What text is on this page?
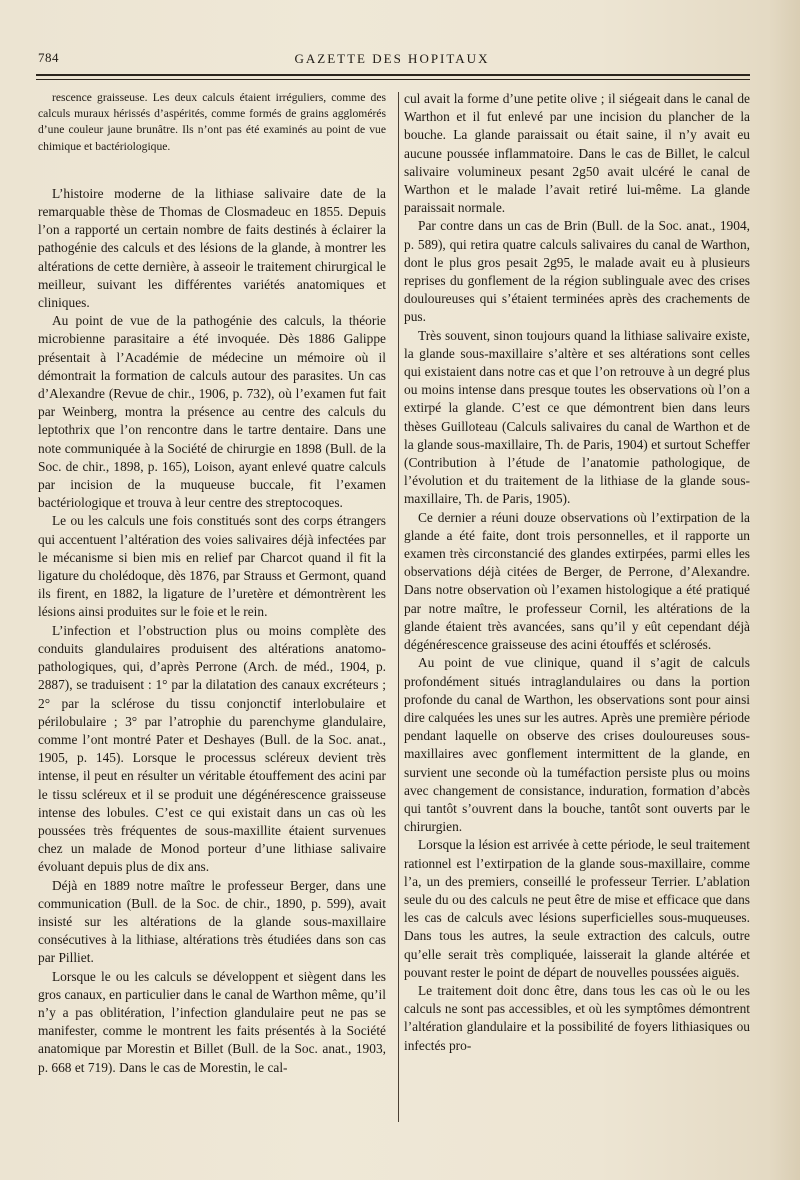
784	GAZETTE DES HOPITAUX

rescence graisseuse. Les deux calculs étaient irréguliers, comme des calculs muraux hérissés d’aspérités, comme formés de grains agglomérés d’une couleur jaune brunâtre. Ils n’ont pas été examinés au point de vue chimique et bactériologique.

L’histoire moderne de la lithiase salivaire date de la remarquable thèse de Thomas de Closmadeuc en 1855. Depuis l’on a rapporté un certain nombre de faits destinés à éclairer la pathogénie des calculs et des lésions de la glande, à montrer les altérations de cette dernière, à asseoir le traitement chirurgical le meilleur, suivant les différentes variétés anatomiques et cliniques.

Au point de vue de la pathogénie des calculs, la théorie microbienne parasitaire a été invoquée. Dès 1886 Galippe présentait à l’Académie de médecine un mémoire où il démontrait la formation de calculs autour des parasites. Un cas d’Alexandre (Revue de chir., 1906, p. 732), où l’examen fut fait par Weinberg, montra la présence au centre des calculs du leptothrix que l’on rencontre dans le tartre dentaire. Dans une note communiquée à la Société de chirurgie en 1898 (Bull. de la Soc. de chir., 1898, p. 165), Loison, ayant enlevé quatre calculs par incision de la muqueuse buccale, fit l’examen bactériologique et trouva à leur centre des streptocoques.

Le ou les calculs une fois constitués sont des corps étrangers qui accentuent l’altération des voies salivaires déjà infectées par le mécanisme si bien mis en relief par Charcot quand il fit la ligature du cholédoque, dès 1876, par Strauss et Germont, quand ils firent, en 1882, la ligature de l’uretère et démontrèrent les lésions ainsi produites sur le foie et le rein.

L’infection et l’obstruction plus ou moins complète des conduits glandulaires produisent des altérations anatomo-pathologiques, qui, d’après Perrone (Arch. de méd., 1904, p. 2887), se traduisent : 1° par la dilatation des canaux excréteurs ; 2° par la sclérose du tissu conjonctif interlobulaire et périlobulaire ; 3° par l’atrophie du parenchyme glandulaire, comme l’ont montré Pater et Deshayes (Bull. de la Soc. anat., 1905, p. 145). Lorsque le processus scléreux devient très intense, il peut en résulter un véritable étouffement des acini par le tissu scléreux et il se produit une dégénérescence graisseuse intense des lobules. C’est ce qui existait dans un cas où les poussées très fréquentes de sous-maxillite étaient survenues chez un malade de Monod porteur d’une lithiase salivaire évoluant depuis plus de dix ans.

Déjà en 1889 notre maître le professeur Berger, dans une communication (Bull. de la Soc. de chir., 1890, p. 599), avait insisté sur les altérations de la glande sous-maxillaire consécutives à la lithiase, altérations très étudiées dans son cas par Pilliet.

Lorsque le ou les calculs se développent et siègent dans les gros canaux, en particulier dans le canal de Warthon même, qu’il n’y a pas oblitération, l’infection glandulaire peut ne pas se manifester, comme le montrent les faits présentés à la Société anatomique par Morestin et Billet (Bull. de la Soc. anat., 1903, p. 668 et 719). Dans le cas de Morestin, le cal-

cul avait la forme d’une petite olive ; il siégeait dans le canal de Warthon et il fut enlevé par une incision du plancher de la bouche. La glande paraissait ou était saine, il n’y avait eu aucune poussée inflammatoire. Dans le cas de Billet, le calcul salivaire volumineux pesant 2g50 avait ulcéré le canal de Warthon et le malade l’avait retiré lui-même. La glande paraissait normale.

Par contre dans un cas de Brin (Bull. de la Soc. anat., 1904, p. 589), qui retira quatre calculs salivaires du canal de Warthon, dont le plus gros pesait 2g95, le malade avait eu à plusieurs reprises du gonflement de la région sublinguale avec des crises douloureuses qui s’étaient terminées après des crachements de pus.

Très souvent, sinon toujours quand la lithiase salivaire existe, la glande sous-maxillaire s’altère et ses altérations sont celles qui existaient dans notre cas et que l’on retrouve à un degré plus ou moins intense dans presque toutes les observations où l’on a extirpé la glande. C’est ce que démontrent bien dans leurs thèses Guilloteau (Calculs salivaires du canal de Warthon et de la glande sous-maxillaire, Th. de Paris, 1904) et surtout Scheffer (Contribution à l’étude de l’anatomie pathologique, de l’évolution et du traitement de la lithiase de la glande sous-maxillaire, Th. de Paris, 1905).

Ce dernier a réuni douze observations où l’extirpation de la glande a été faite, dont trois personnelles, et il rapporte un examen très circonstancié des glandes extirpées, parmi elles les observations déjà citées de Berger, de Perrone, d’Alexandre. Dans notre observation où l’examen histologique a été pratiqué par notre maître, le professeur Cornil, les altérations de la glande étaient très avancées, sans qu’il y eût cependant déjà dégénérescence graisseuse des acini étouffés et sclérosés.

Au point de vue clinique, quand il s’agit de calculs profondément situés intraglandulaires ou dans la portion profonde du canal de Warthon, les observations sont pour ainsi dire calquées les unes sur les autres. Après une première période pendant laquelle on observe des crises douloureuses sous-maxillaires avec gonflement intermittent de la glande, en survient une seconde où la tuméfaction persiste plus ou moins avec changement de consistance, induration, formation d’abcès qui tantôt s’ouvrent dans la bouche, tantôt sont ouverts par le chirurgien.

Lorsque la lésion est arrivée à cette période, le seul traitement rationnel est l’extirpation de la glande sous-maxillaire, comme l’a, un des premiers, conseillé le professeur Terrier. L’ablation seule du ou des calculs ne peut être de mise et efficace que dans les cas de calculs avec lésions superficielles sous-muqueuses. Dans tous les autres, la seule extraction des calculs, outre qu’elle serait très compliquée, laisserait la glande altérée et pouvant rester le point de départ de nouvelles poussées aiguës.

Le traitement doit donc être, dans tous les cas où le ou les calculs ne sont pas accessibles, et où les symptômes démontrent l’altération glandulaire et la possibilité de foyers lithiasiques ou infectés pro-
